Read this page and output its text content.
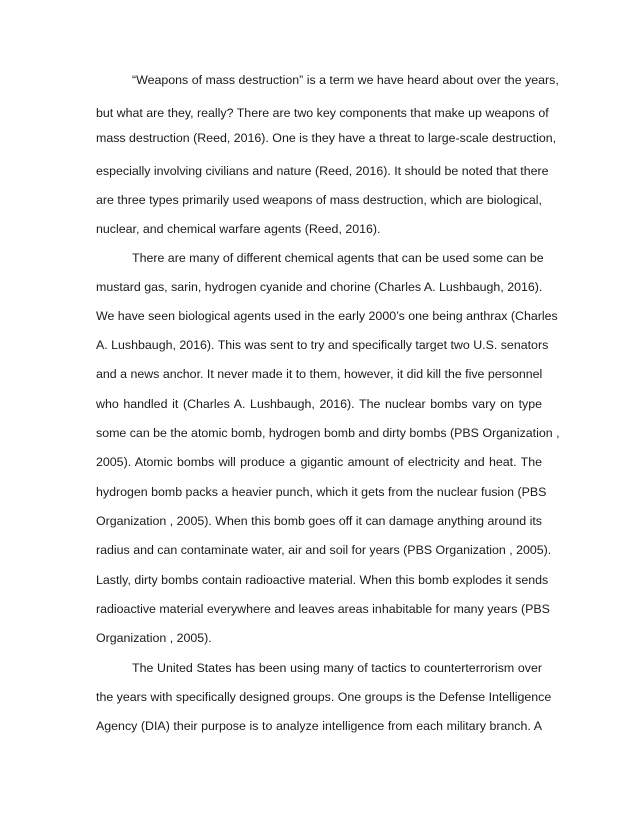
“Weapons of mass destruction” is a term we have heard about over the years,
but what are they, really? There are two key components that make up weapons of
mass destruction (Reed, 2016). One is they have a threat to large-scale destruction,
especially involving civilians and nature (Reed, 2016). It should be noted that there
are three types primarily used weapons of mass destruction, which are biological,
nuclear, and chemical warfare agents (Reed, 2016).
There are many of different chemical agents that can be used some can be
mustard gas, sarin, hydrogen cyanide and chorine (Charles A. Lushbaugh, 2016).
We have seen biological agents used in the early 2000’s one being anthrax (Charles
A. Lushbaugh, 2016). This was sent to try and specifically target two U.S. senators
and a news anchor. It never made it to them, however, it did kill the five personnel
who handled it (Charles A. Lushbaugh, 2016). The nuclear bombs vary on type
some can be the atomic bomb, hydrogen bomb and dirty bombs (PBS Organization ,
2005). Atomic bombs will produce a gigantic amount of electricity and heat. The
hydrogen bomb packs a heavier punch, which it gets from the nuclear fusion (PBS
Organization , 2005). When this bomb goes off it can damage anything around its
radius and can contaminate water, air and soil for years (PBS Organization , 2005).
Lastly, dirty bombs contain radioactive material. When this bomb explodes it sends
radioactive material everywhere and leaves areas inhabitable for many years (PBS
Organization , 2005).
The United States has been using many of tactics to counterterrorism over
the years with specifically designed groups. One groups is the Defense Intelligence
Agency (DIA) their purpose is to analyze intelligence from each military branch. A
